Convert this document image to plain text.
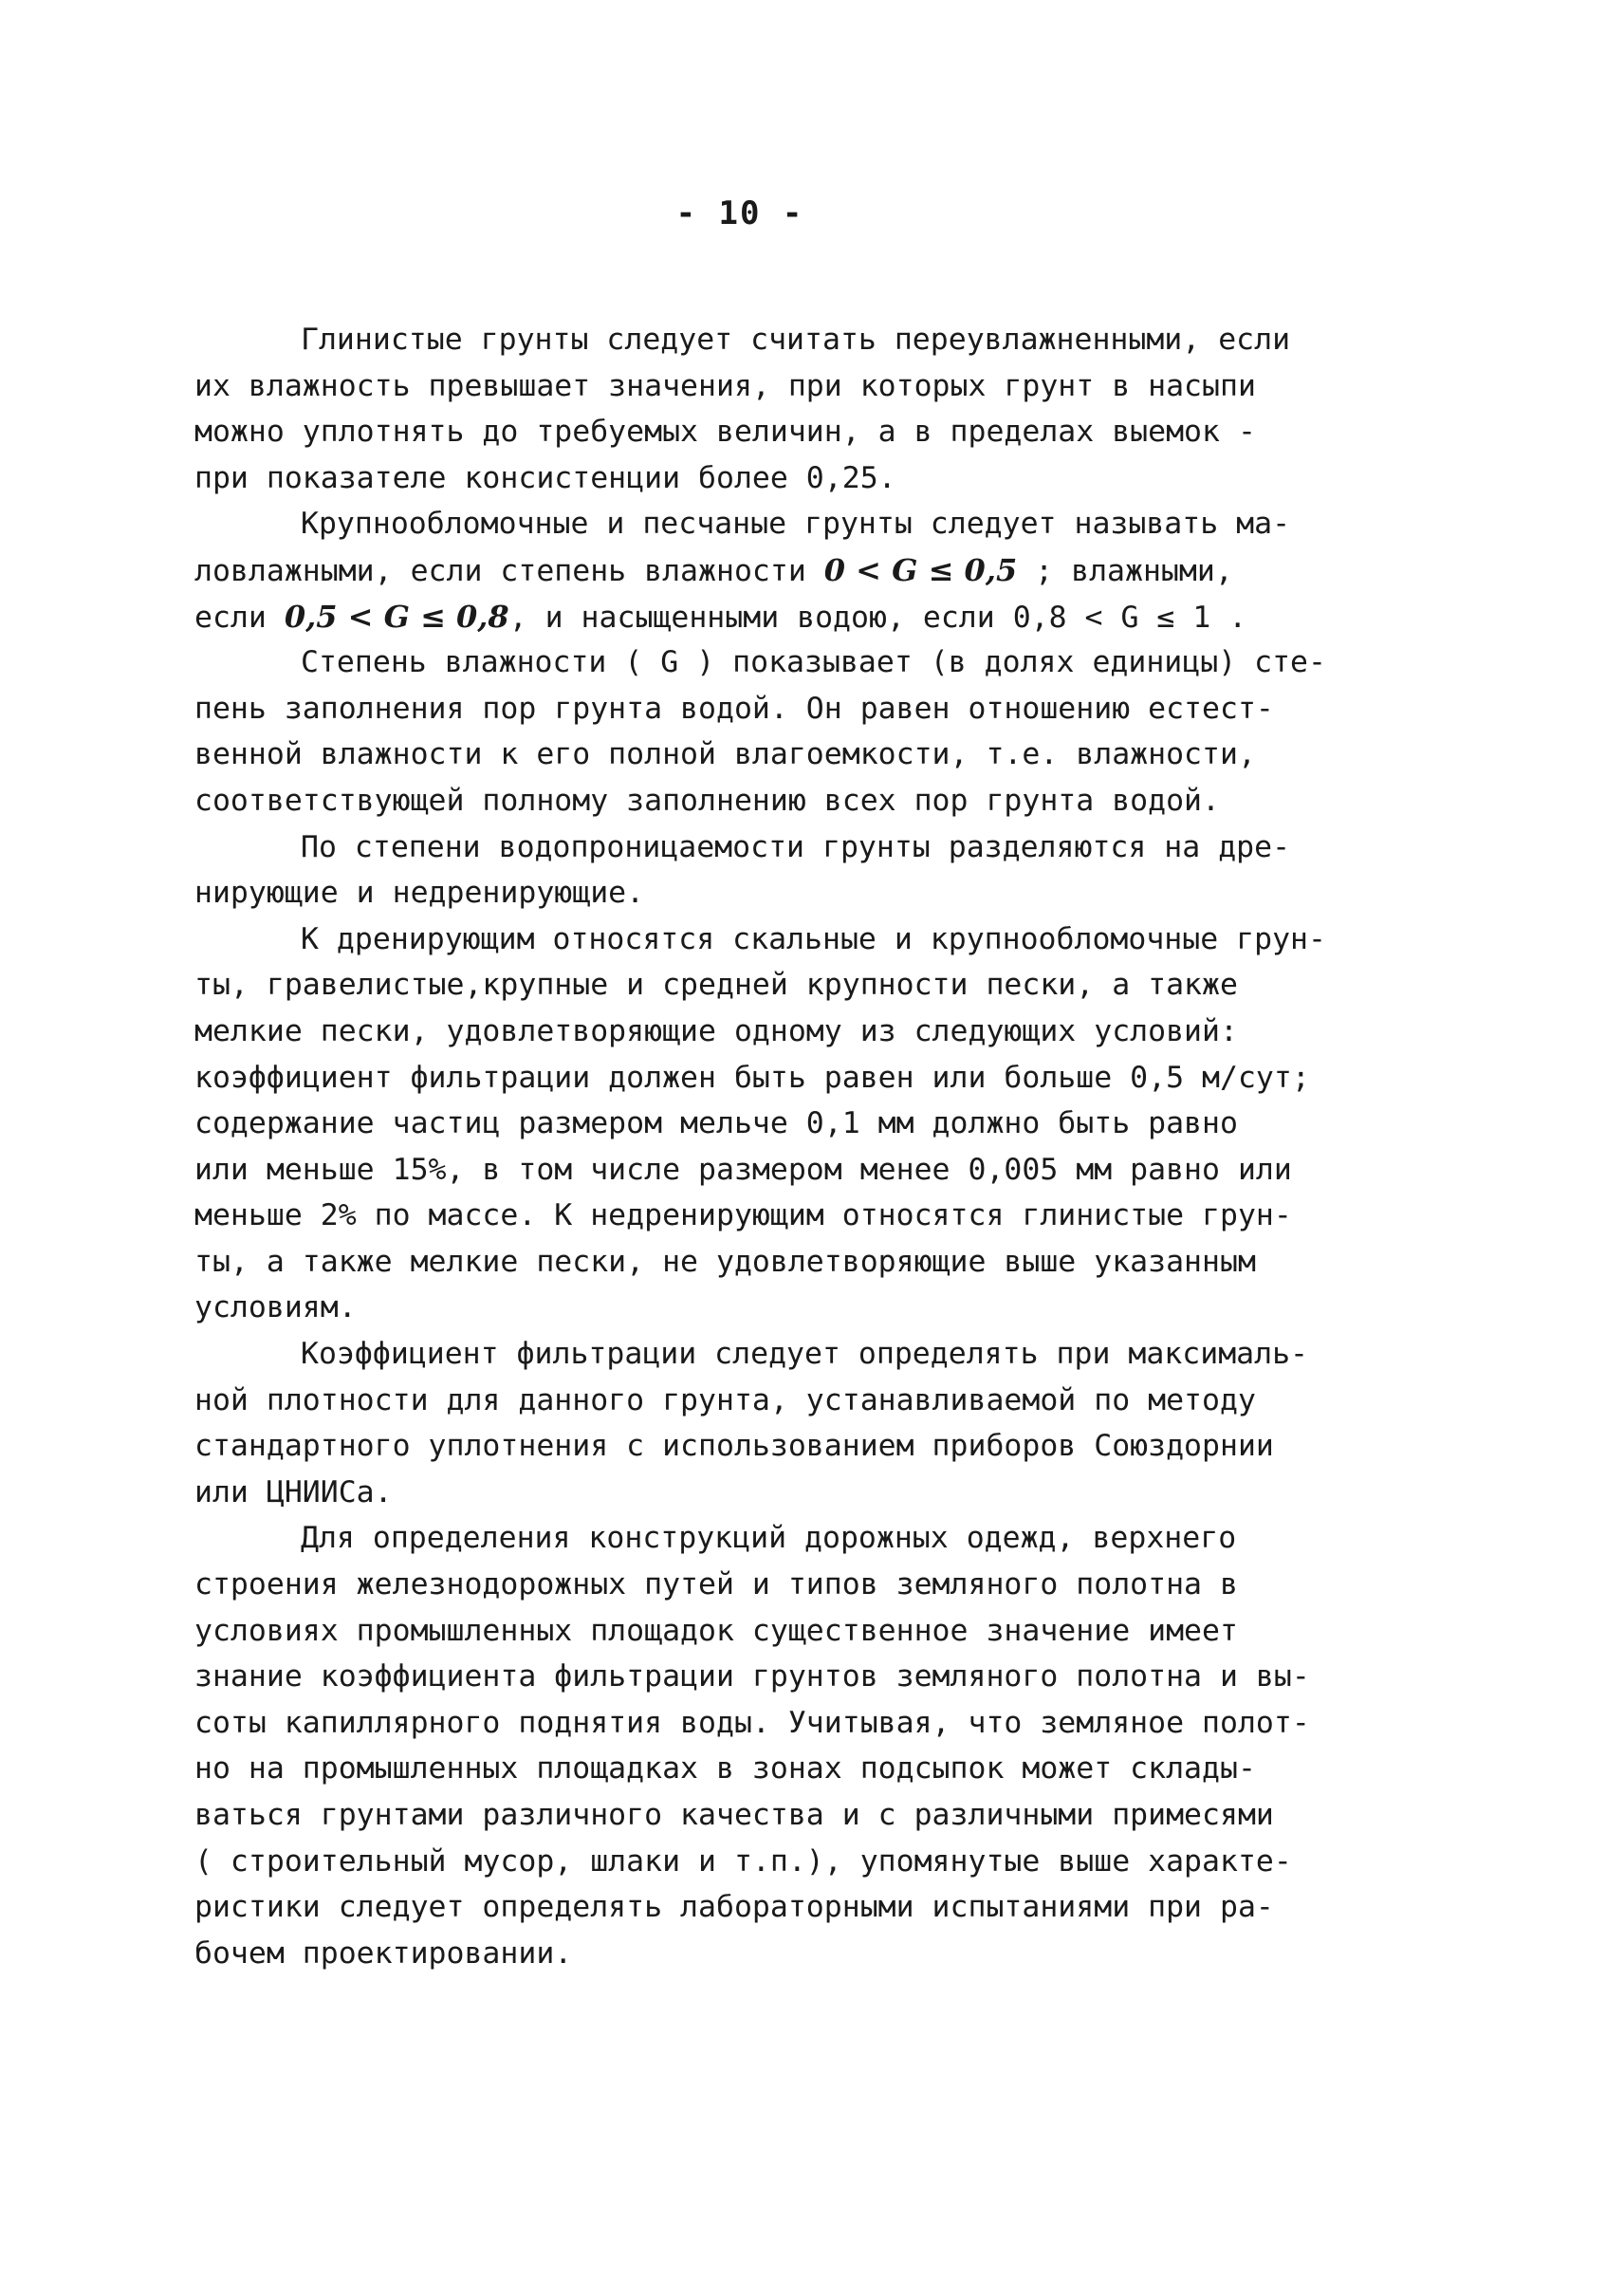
- 10 -
Глинистые грунты следует считать переувлажненными, если
их влажность превышает значения, при которых грунт в насыпи
можно уплотнять до требуемых величин, а в пределах выемок -
при показателе консистенции более 0,25.
Крупнообломочные и песчаные грунты следует называть ма-
ловлажными, если степень влажности 0 < G ≤ 0,5 ; влажными,
если 0,5 < G ≤ 0,8, и насыщенными водою, если 0,8 < G ≤ 1 .
Степень влажности ( G ) показывает (в долях единицы) сте-
пень заполнения пор грунта водой. Он равен отношению естест-
венной влажности к его полной влагоемкости, т.е. влажности,
соответствующей полному заполнению всех пор грунта водой.
По степени водопроницаемости грунты разделяются на дре-
нирующие и недренирующие.
К дренирующим относятся скальные и крупнообломочные грун-
ты, гравелистые,крупные и средней крупности пески, а также
мелкие пески, удовлетворяющие одному из следующих условий:
коэффициент фильтрации должен быть равен или больше 0,5 м/сут;
содержание частиц размером мельче 0,1 мм должно быть равно
или меньше 15%, в том числе размером менее 0,005 мм равно или
меньше 2% по массе. К недренирующим относятся глинистые грун-
ты, а также мелкие пески, не удовлетворяющие выше указанным
условиям.
Коэффициент фильтрации следует определять при максималь-
ной плотности для данного грунта, устанавливаемой по методу
стандартного уплотнения с использованием приборов Союздорнии
или ЦНИИСа.
Для определения конструкций дорожных одежд, верхнего
строения железнодорожных путей и типов земляного полотна в
условиях промышленных площадок существенное значение имеет
знание коэффициента фильтрации грунтов земляного полотна и вы-
соты капиллярного поднятия воды. Учитывая, что земляное полот-
но на промышленных площадках в зонах подсыпок может склады-
ваться грунтами различного качества и с различными примесями
( строительный мусор, шлаки и т.п.), упомянутые выше характе-
ристики следует определять лабораторными испытаниями при ра-
бочем проектировании.
